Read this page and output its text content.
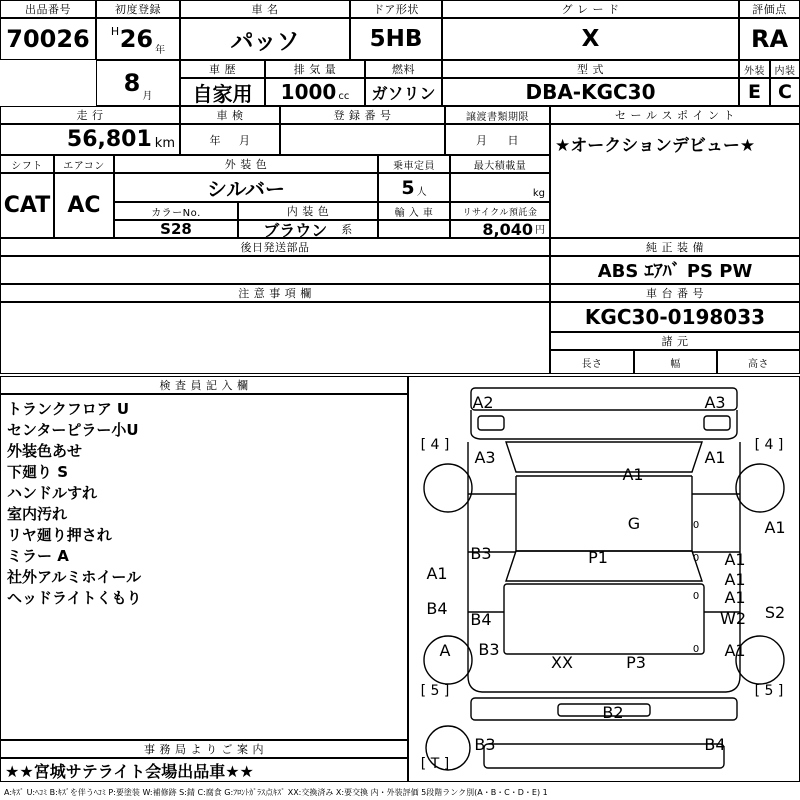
出品番号
70026
初度登録
H 26 年
車 名
パッソ
ドア形状
5HB
グ レ ー ド
X
評価点
RA
8 月
車 歴
自家用
排 気 量
1000 cc
燃料
ガソリン
型 式
DBA-KGC30
外装 内装
E C
走 行
56,801 km
車 検
年 月
登 録 番 号	譲渡書類期限
月 日
セ ー ル ス ポ イ ン ト
★オークションデビュー★
シフト エアコン
CAT AC
外 装 色
シルバー
乗車定員
5 人
最大積載量
kg
カラーNo.
S28
内 装 色
ブラウン 系
輸 入 車	リサイクル預託金
8,040 円
後日発送部品	純 正 装 備
ABS ｴｱﾊﾞ PS PW
注 意 事 項 欄	車 台 番 号
KGC30-0198033
諸 元
長さ	幅	高さ
検 査 員 記 入 欄
トランクフロア U
センターピラー小U
外装色あせ
下廻り S
ハンドルすれ
室内汚れ
リヤ廻り押され
ミラー A
社外アルミホイール
ヘッドライトくもり
事 務 局 よ り ご 案 内
★★宮城サテライト会場出品車★★
A2	A3
[ 4 ]	[ 4 ]
A3	A1
A1
G	A1
A1
B3	P1
A1
B4
B4	W2	S2
A	B3
XX	P3
A1
[ 5 ]	[ 5 ]
B2
B3	B4
[ T ]
0
0
0
0
A1	A1
A:ｷｽﾞ U:ﾍｺﾐ B:ｷｽﾞを伴うﾍｺﾐ P:要塗装 W:補修跡 S:錆 C:腐食 G:ﾌﾛﾝﾄｶﾞﾗｽ点ｷｽﾞ XX:交換済み X:要交換 内・外装評価 5段階ランク別(A・B・C・D・E) 1
